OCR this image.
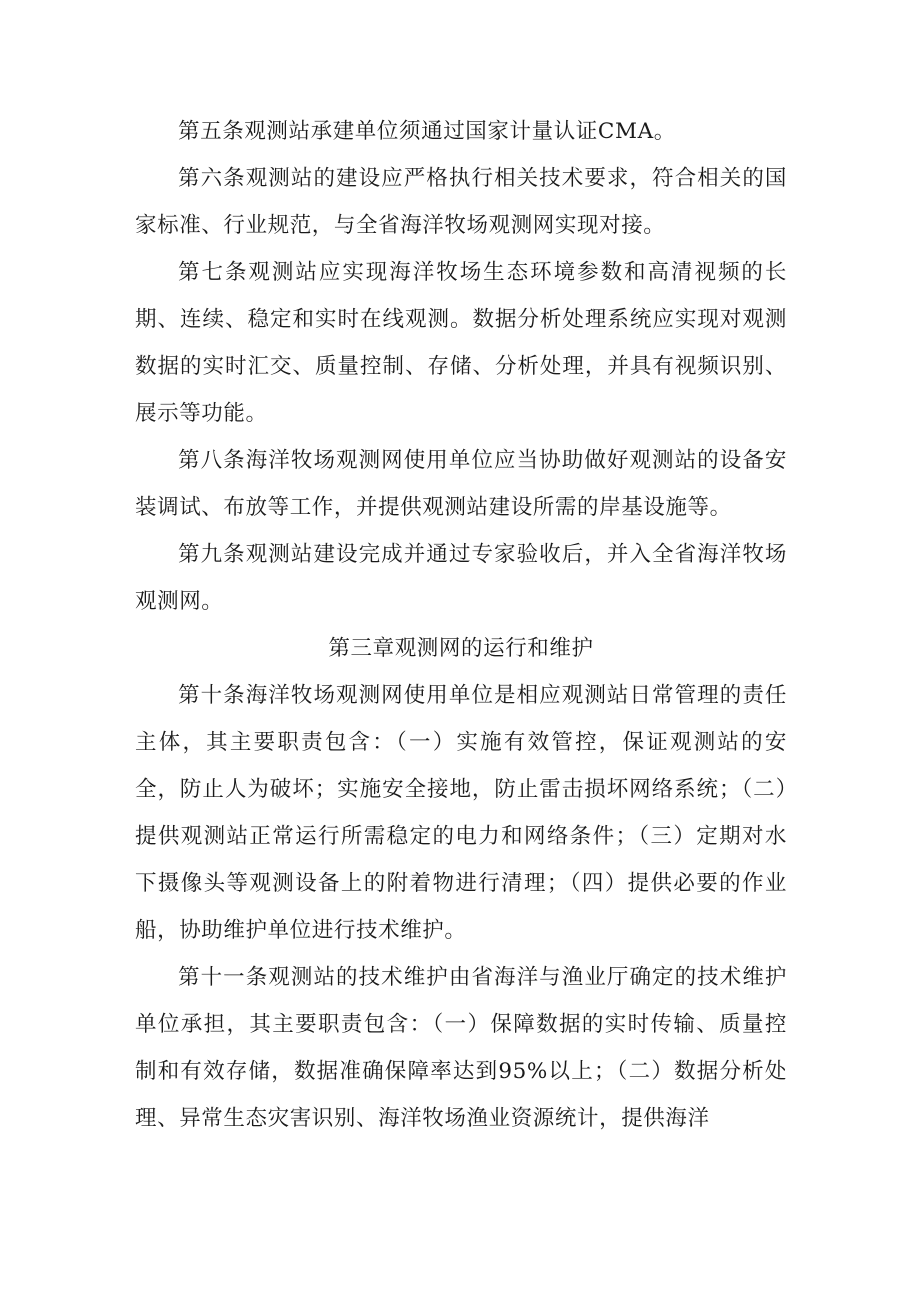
第五条观测站承建单位须通过国家计量认证CMA。

第六条观测站的建设应严格执行相关技术要求，符合相关的国家标准、行业规范，与全省海洋牧场观测网实现对接。

第七条观测站应实现海洋牧场生态环境参数和高清视频的长期、连续、稳定和实时在线观测。数据分析处理系统应实现对观测数据的实时汇交、质量控制、存储、分析处理，并具有视频识别、展示等功能。

第八条海洋牧场观测网使用单位应当协助做好观测站的设备安装调试、布放等工作，并提供观测站建设所需的岸基设施等。

第九条观测站建设完成并通过专家验收后，并入全省海洋牧场观测网。

第三章观测网的运行和维护

第十条海洋牧场观测网使用单位是相应观测站日常管理的责任主体，其主要职责包含：（一）实施有效管控，保证观测站的安全，防止人为破坏；实施安全接地，防止雷击损坏网络系统；（二）提供观测站正常运行所需稳定的电力和网络条件；（三）定期对水下摄像头等观测设备上的附着物进行清理；（四）提供必要的作业船，协助维护单位进行技术维护。

第十一条观测站的技术维护由省海洋与渔业厅确定的技术维护单位承担，其主要职责包含：（一）保障数据的实时传输、质量控制和有效存储，数据准确保障率达到95%以上；（二）数据分析处理、异常生态灾害识别、海洋牧场渔业资源统计，提供海洋
